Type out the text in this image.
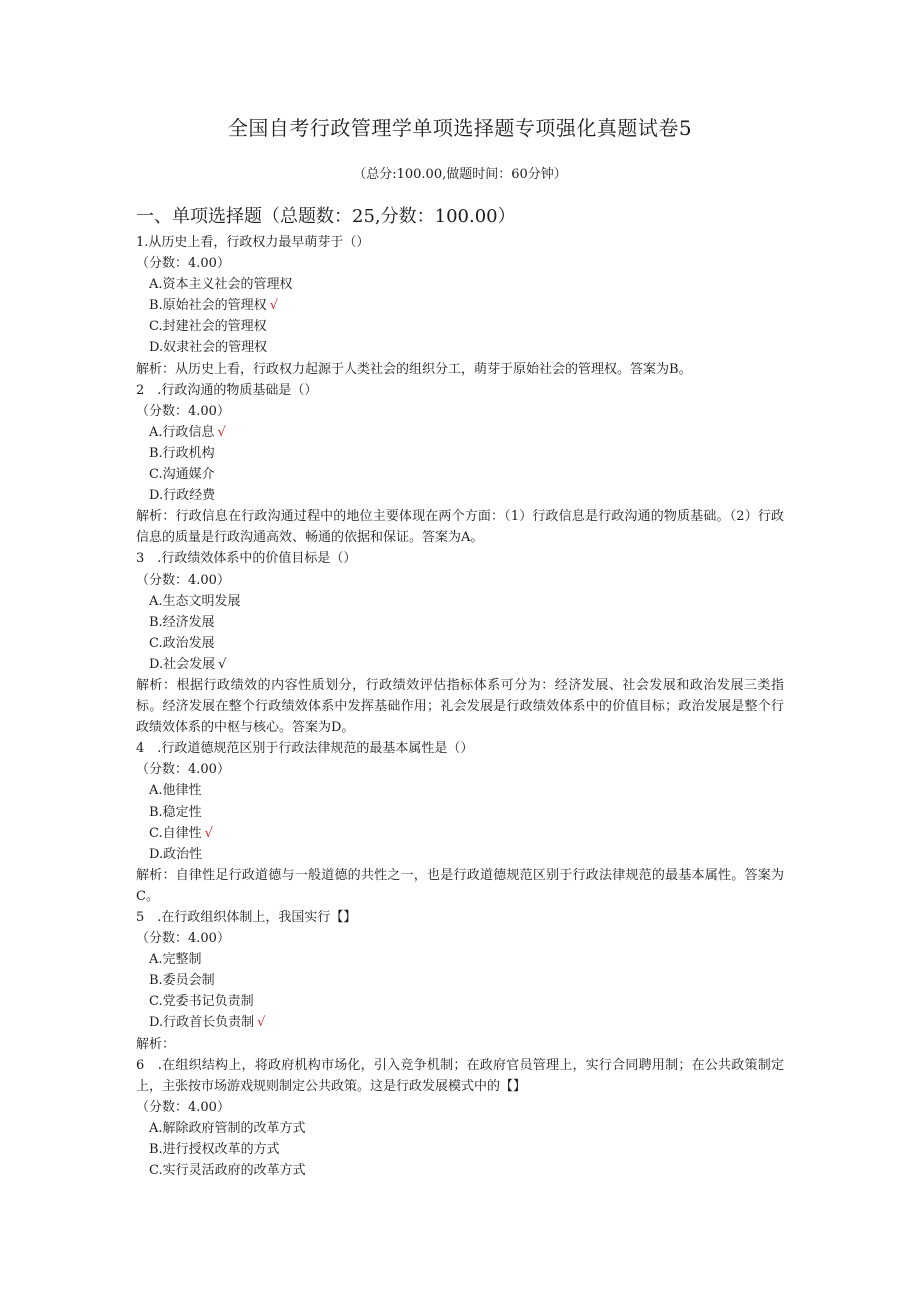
全国自考行政管理学单项选择题专项强化真题试卷5
（总分:100.00,做题时间：60分钟）
一、单项选择题（总题数：25,分数：100.00）
1.从历史上看，行政权力最早萌芽于（）
（分数：4.00）
A.资本主义社会的管理权
B.原始社会的管理权 √
C.封建社会的管理权
D.奴隶社会的管理权
解析：从历史上看，行政权力起源于人类社会的组织分工，萌芽于原始社会的管理权。答案为B。
2　.行政沟通的物质基础是（）
（分数：4.00）
A.行政信息 √
B.行政机构
C.沟通媒介
D.行政经费
解析：行政信息在行政沟通过程中的地位主要体现在两个方面：（1）行政信息是行政沟通的物质基础。（2）行政信息的质量是行政沟通高效、畅通的依据和保证。答案为A。
3　.行政绩效体系中的价值目标是（）
（分数：4.00）
A.生态文明发展
B.经济发展
C.政治发展
D.社会发展 √
解析：根据行政绩效的内容性质划分，行政绩效评估指标体系可分为：经济发展、社会发展和政治发展三类指标。经济发展在整个行政绩效体系中发挥基础作用；礼会发展是行政绩效体系中的价值目标；政治发展是整个行政绩效体系的中枢与核心。答案为D。
4　.行政道德规范区别于行政法律规范的最基本属性是（）
（分数：4.00）
A.他律性
B.稳定性
C.自律性 √
D.政治性
解析：自律性足行政道德与一般道德的共性之一，也是行政道德规范区别于行政法律规范的最基本属性。答案为C。
5　.在行政组织体制上，我国实行【】
（分数：4.00）
A.完整制
B.委员会制
C.党委书记负责制
D.行政首长负责制 √
解析：
6　.在组织结构上，将政府机构市场化，引入竞争机制；在政府官员管理上，实行合同聘用制；在公共政策制定上，主张按市场游戏规则制定公共政策。这是行政发展模式中的【】
（分数：4.00）
A.解除政府管制的改革方式
B.进行授权改革的方式
C.实行灵活政府的改革方式
